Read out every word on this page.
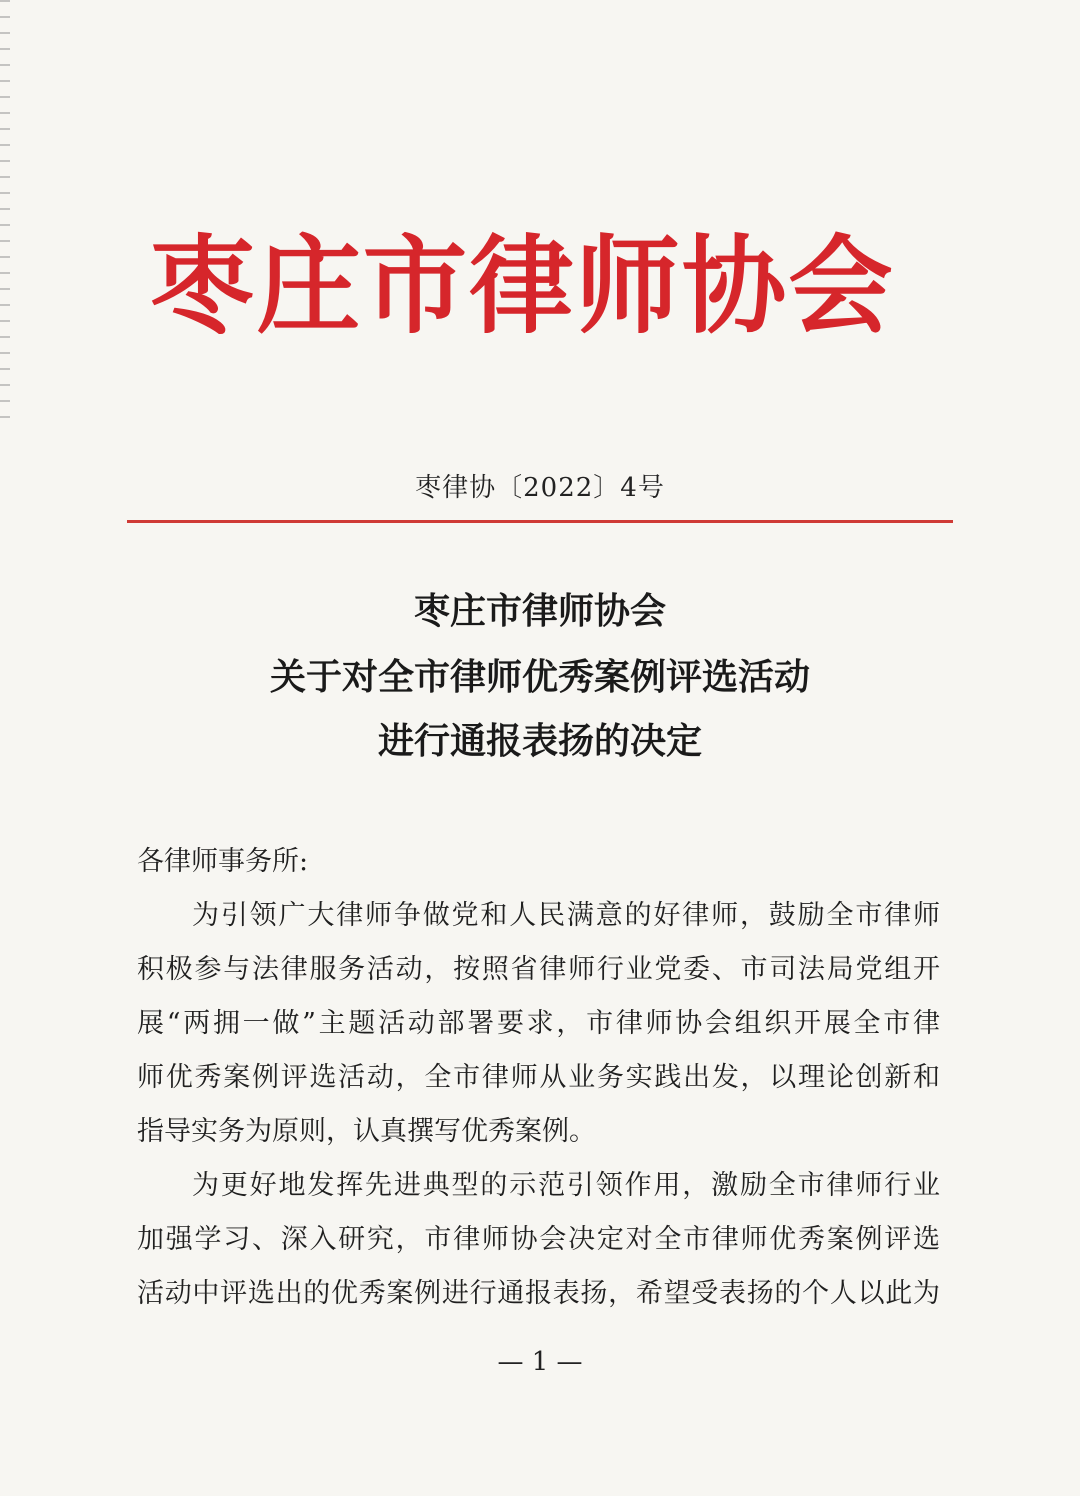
枣庄市律师协会
枣律协〔2022〕4号
枣庄市律师协会
关于对全市律师优秀案例评选活动
进行通报表扬的决定
各律师事务所:
为引领广大律师争做党和人民满意的好律师，鼓励全市律师
积极参与法律服务活动，按照省律师行业党委、市司法局党组开
展“两拥一做”主题活动部署要求，市律师协会组织开展全市律
师优秀案例评选活动，全市律师从业务实践出发，以理论创新和
指导实务为原则，认真撰写优秀案例。
为更好地发挥先进典型的示范引领作用，激励全市律师行业
加强学习、深入研究，市律师协会决定对全市律师优秀案例评选
活动中评选出的优秀案例进行通报表扬，希望受表扬的个人以此为
— 1 —
